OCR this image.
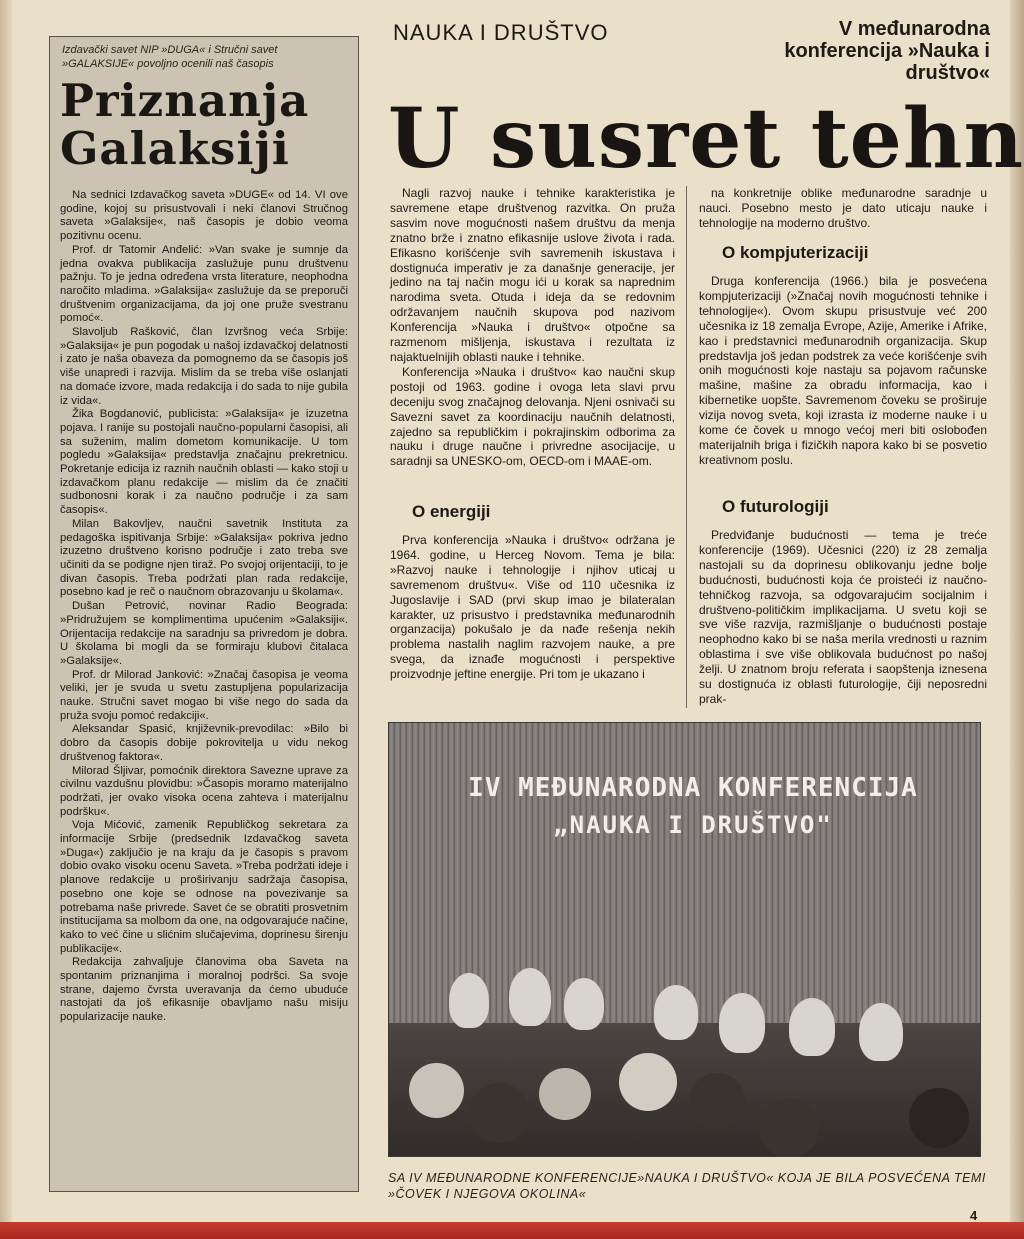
Izdavački savet NIP »DUGA« i Stručni savet »GALAKSIJE« povoljno ocenili naš časopis
Priznanja Galaksiji

Na sednici Izdavačkog saveta »DUGE« od 14. VI ove godine, kojoj su prisustvovali i neki članovi Stručnog saveta »Galaksije«, naš časopis je dobio veoma pozitivnu ocenu.

Prof. dr Tatomir Anđelić: »Van svake je sumnje da jedna ovakva publikacija zaslužuje punu društvenu pažnju. To je jedna određena vrsta literature, neophodna naročito mladima. »Galaksija« zaslužuje da se preporuči društvenim organizacijama, da joj one pruže svestranu pomoć«.

Slavoljub Rašković, član Izvršnog veća Srbije: »Galaksija« je pun pogodak u našoj izdavačkoj delatnosti i zato je naša obaveza da pomognemo da se časopis još više unapredi i razvija. Mislim da se treba više oslanjati na domaće izvore, mada redakcija i do sada to nije gubila iz vida«.

Žika Bogdanović, publicista: »Galaksija« je izuzetna pojava. I ranije su postojali naučno-popularni časopisi, ali sa suženim, malim dometom komunikacije. U tom pogledu »Galaksija« predstavlja značajnu prekretnicu. Pokretanje edicija iz raznih naučnih oblasti — kako stoji u izdavačkom planu redakcije — mislim da će značiti sudbonosni korak i za naučno područje i za sam časopis«.

Milan Bakovljev, naučni savetnik Instituta za pedagoška ispitivanja Srbije: »Galaksija« pokriva jedno izuzetno društveno korisno područje i zato treba sve učiniti da se podigne njen tiraž. Po svojoj orijentaciji, to je divan časopis. Treba podržati plan rada redakcije, posebno kad je reč o naučnom obrazovanju u školama«.

Dušan Petrović, novinar Radio Beograda: »Pridružujem se komplimentima upućenim »Galaksiji«. Orijentacija redakcije na saradnju sa privredom je dobra. U školama bi mogli da se formiraju klubovi čitalaca »Galaksije«.

Prof. dr Milorad Janković: »Značaj časopisa je veoma veliki, jer je svuda u svetu zastupljena popularizacija nauke. Stručni savet mogao bi više nego do sada da pruža svoju pomoć redakciji«.

Aleksandar Spasić, književnik-prevodilac: »Bilo bi dobro da časopis dobije pokroviteljа u vidu nekog društvenog faktora«.

Milorad Šljivar, pomoćnik direktora Savezne uprave za civilnu vazdušnu plovidbu: »Časopis moramo materijalno podržati, jer ovako visoka ocena zahteva i materijalnu podršku«.

Voja Mićović, zamenik Republičkog sekretara za informacije Srbije (predsednik Izdavačkog saveta »Duga«) zaključio je na kraju da je časopis s pravom dobio ovako visoku ocenu Saveta. »Treba podržati ideje i planove redakcije u proširivanju sadržaja časopisa, posebno one koje se odnose na povezivanje sa potrebama naše privrede. Savet će se obratiti prosvetnim institucijama sa molbom da one, na odgovarajuće načine, kako to već čine u slićnim slučajevima, doprinesu širenju publikacije«.

Redakcija zahvaljuje članovima oba Saveta na spontanim priznanjima i moralnoj podršci. Sa svoje strane, dajemo čvrsta uveravanja da ćemo ubuduće nastojati da još efikasnije obavljamo našu misiju popularizacije nauke.

NAUKA I DRUŠTVO	V međunarodna konferencija »Nauka i društvo«
U susret tehn

Nagli razvoj nauke i tehnike karakteristika je savremene etape društvenog razvitka. On pruža sasvim nove mogućnosti našem društvu da menja znatno brže i znatno efikasnije uslove života i rada. Efikasno korišćenje svih savremenih iskustava i dostignuća imperativ je za današnje generacije, jer jedino na taj način mogu ići u korak sa naprednim narodima sveta. Otuda i ideja da se redovnim održavanjem naučnih skupova pod nazivom Konferencija »Nauka i društvo« otpočne sa razmenom mišljenja, iskustava i rezultata iz najaktuelnijih oblasti nauke i tehnike.

Konferencija »Nauka i društvo« kao naučni skup postoji od 1963. godine i ovoga leta slavi prvu deceniju svog značajnog delovanja. Njeni osnivači su Savezni savet za koordinaciju naučnih delatnosti, zajedno sa republičkim i pokrajinskim odborima za nauku i druge naučne i privredne asocijacije, u saradnji sa UNESKO-om, OECD-om i MAAE-om.

O energiji

Prva konferencija »Nauka i društvo« održana je 1964. godine, u Herceg Novom. Tema je bila: »Razvoj nauke i tehnologije i njihov uticaj u savremenom društvu«. Više od 110 učesnika iz Jugoslavije i SAD (prvi skup imao je bilateralan karakter, uz prisustvo i predstavnika međunarodnih organzacija) pokušalo je da nađe rešenja nekih problema nastalih naglim razvojem nauke, a pre svega, da iznađe mogućnosti i perspektive proizvodnje jeftine energije. Pri tom je ukazano i

na konkretnije oblike međunarodne saradnje u nauci. Posebno mesto je dato uticaju nauke i tehnologije na moderno društvo.

O kompjuterizaciji

Druga konferencija (1966.) bila je posvećena kompjuterizaciji (»Značaj novih mogućnosti tehnike i tehnologije«). Ovom skupu prisustvuje već 200 učesnika iz 18 zemalja Evrope, Azije, Amerike i Afrike, kao i predstavnici međunarodnih organizacija. Skup predstavlja još jedan podstrek za veće korišćenje svih onih mogućnosti koje nastaju sa pojavom računske mašine, mašine za obradu informacija, kao i kibernetike uopšte. Savremenom čoveku se proširuje vizija novog sveta, koji izrasta iz moderne nauke i u kome će čovek u mnogo većoj meri biti oslobođen materijalnih briga i fizičkih napora kako bi se posvetio kreativnom poslu.

O futurologiji

Predviđanje budućnosti — tema je treće konferencije (1969). Učesnici (220) iz 28 zemalja nastojali su da doprinesu oblikovanju jedne bolje budućnosti, budućnosti koja će proisteći iz naučno-tehničkog razvoja, sa odgovarajućim socijalnim i društveno-političkim implikacijama. U svetu koji se sve više razvija, razmišljanje o budućnosti postaje neophodno kako bi se naša merila vrednosti u raznim oblastima i sve više oblikovala budućnost po našoj želji. U znatnom broju referata i saopštenja iznesena su dostignuća iz oblasti futurologije, čiji neposredni prak-

IV MEĐUNARODNA KONFERENCIJA
„NAUKA I DRUŠTVO"
SA IV MEĐUNARODNE KONFERENCIJE»NAUKA I DRUŠTVO« KOJA JE BILA POSVEĆENA TEMI »ČOVEK I NJEGOVA OKOLINA«
4
